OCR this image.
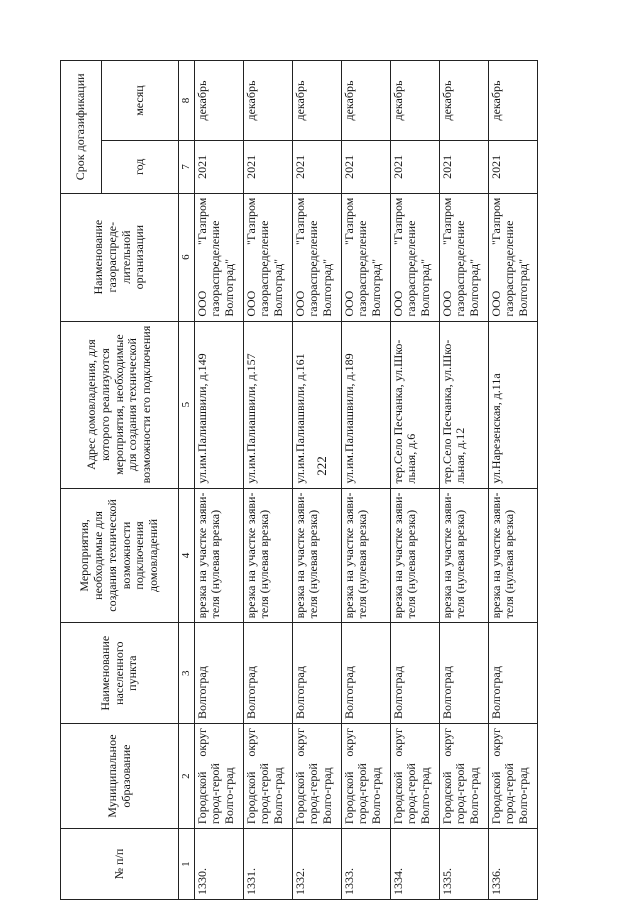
222
№ п/п	Муниципальное образование	Наименование населенного пункта	Мероприятия, необходимые для создания технической возможности подключения домовладений	Адрес домовладения, для которого реализуются мероприятия, необходимые для создания технической возможности его подключения	Наименование газораспреде-лительной организации	Срок догазификации	
						год	месяц
1	2	3	4	5	6	7	8
1330.	Городской округ город-герой Волго-град	Волгоград	врезка на участке заяви-теля (нулевая врезка)	ул.им.Палиашвили, д.149	ООО "Газпром газораспределение Волгоград"	2021	декабрь
1331.	Городской округ город-герой Волго-град	Волгоград	врезка на участке заяви-теля (нулевая врезка)	ул.им.Палиашвили, д.157	ООО "Газпром газораспределение Волгоград"	2021	декабрь
1332.	Городской округ город-герой Волго-град	Волгоград	врезка на участке заяви-теля (нулевая врезка)	ул.им.Палиашвили, д.161	ООО "Газпром газораспределение Волгоград"	2021	декабрь
1333.	Городской округ город-герой Волго-град	Волгоград	врезка на участке заяви-теля (нулевая врезка)	ул.им.Палиашвили, д.189	ООО "Газпром газораспределение Волгоград"	2021	декабрь
1334.	Городской округ город-герой Волго-град	Волгоград	врезка на участке заяви-теля (нулевая врезка)	тер.Село Песчанка, ул.Шко-льная, д.6	ООО "Газпром газораспределение Волгоград"	2021	декабрь
1335.	Городской округ город-герой Волго-град	Волгоград	врезка на участке заяви-теля (нулевая врезка)	тер.Село Песчанка, ул.Шко-льная, д.12	ООО "Газпром газораспределение Волгоград"	2021	декабрь
1336.	Городской округ город-герой Волго-град	Волгоград	врезка на участке заяви-теля (нулевая врезка)	ул.Нарезенская, д.11а	ООО "Газпром газораспределение Волгоград"	2021	декабрь
